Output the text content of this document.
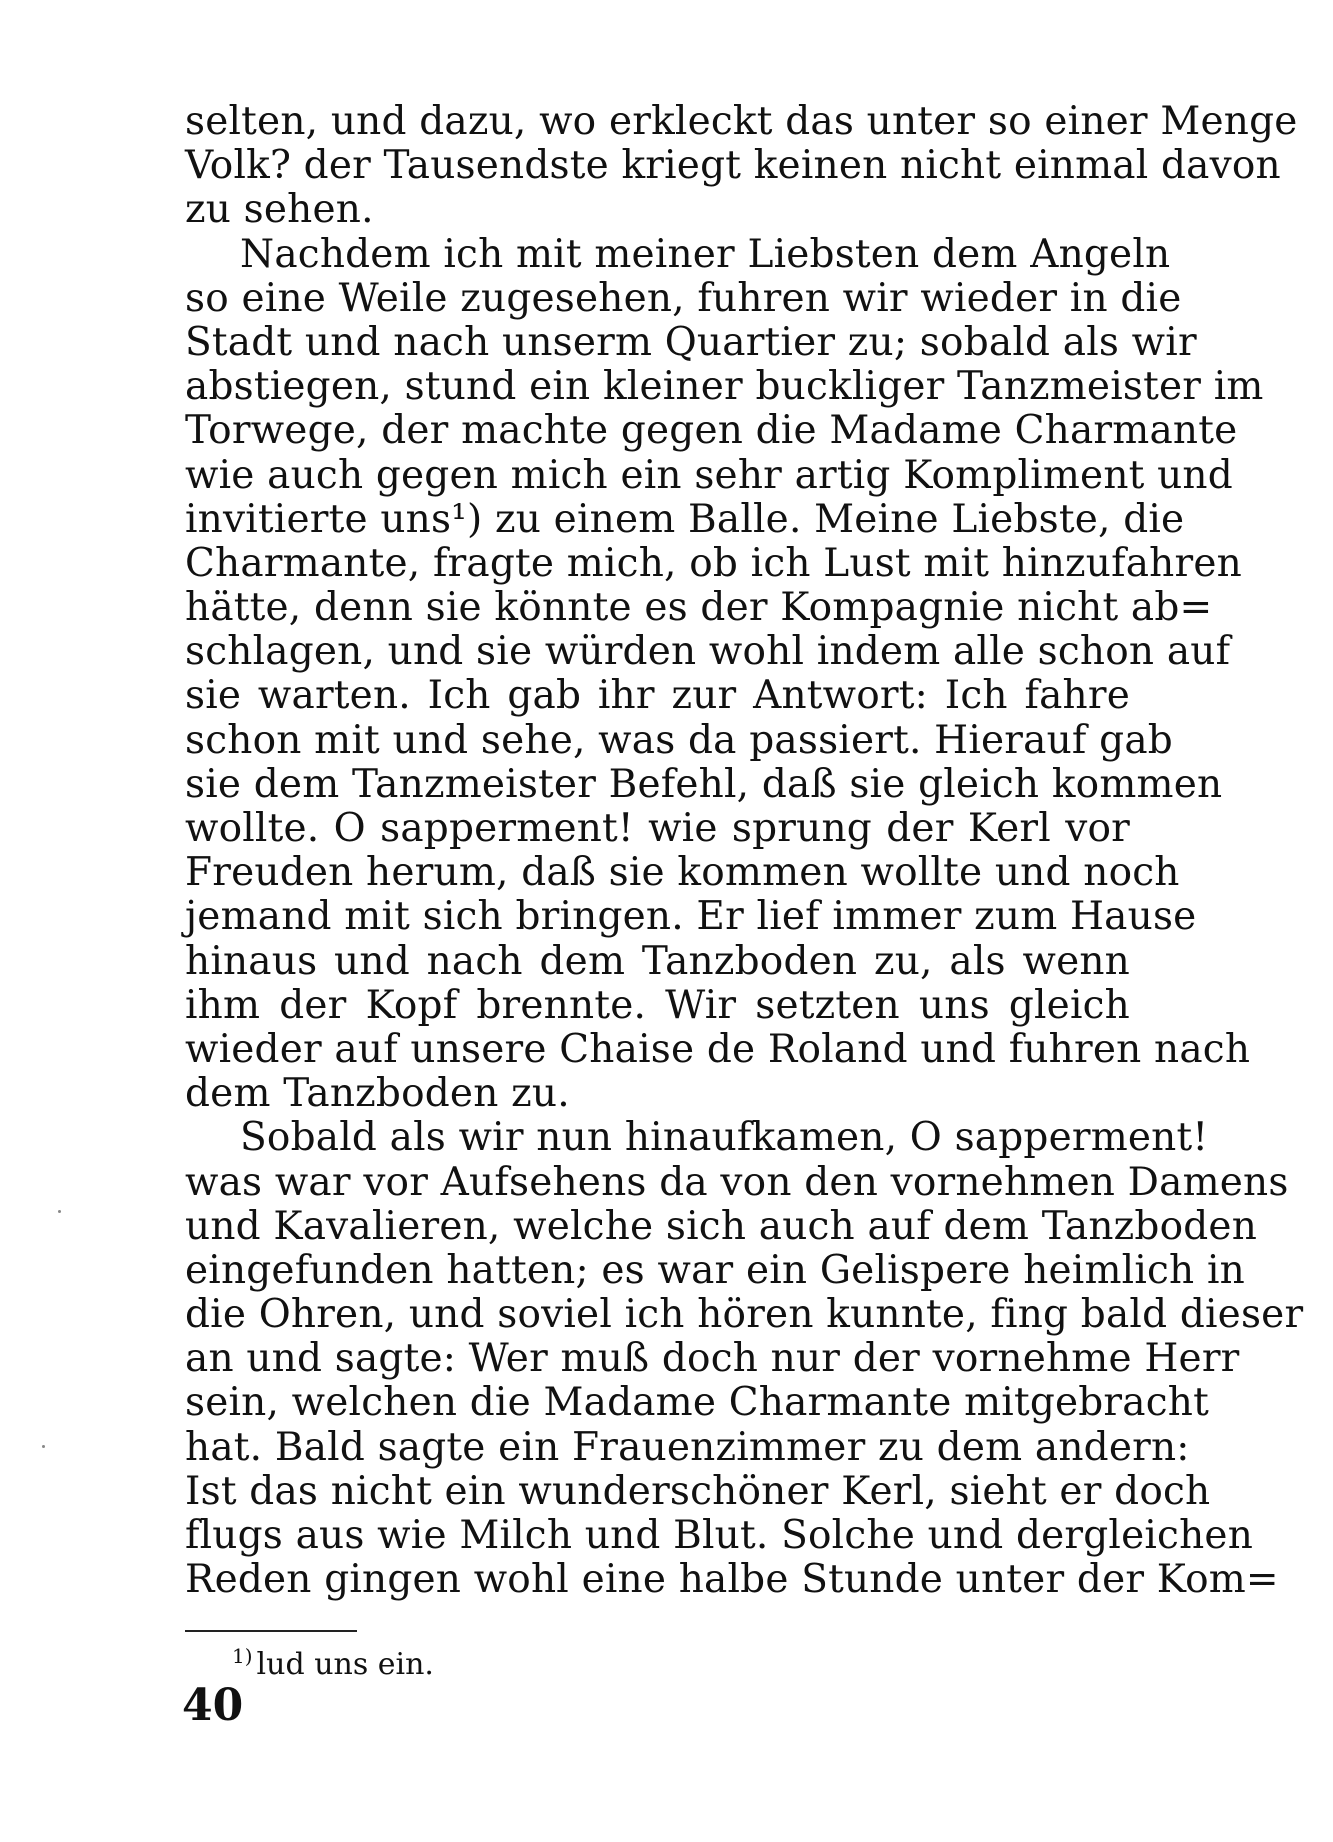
selten, und dazu, wo erkleckt das unter so einer Menge
Volk? der Tausendste kriegt keinen nicht einmal davon
zu sehen.
Nachdem ich mit meiner Liebsten dem Angeln
so eine Weile zugesehen, fuhren wir wieder in die
Stadt und nach unserm Quartier zu; sobald als wir
abstiegen, stund ein kleiner buckliger Tanzmeister im
Torwege, der machte gegen die Madame Charmante
wie auch gegen mich ein sehr artig Kompliment und
invitierte uns¹) zu einem Balle. Meine Liebste, die
Charmante, fragte mich, ob ich Lust mit hinzufahren
hätte, denn sie könnte es der Kompagnie nicht ab=
schlagen, und sie würden wohl indem alle schon auf
sie warten. Ich gab ihr zur Antwort: Ich fahre
schon mit und sehe, was da passiert. Hierauf gab
sie dem Tanzmeister Befehl, daß sie gleich kommen
wollte. O sapperment! wie sprung der Kerl vor
Freuden herum, daß sie kommen wollte und noch
jemand mit sich bringen. Er lief immer zum Hause
hinaus und nach dem Tanzboden zu, als wenn
ihm der Kopf brennte. Wir setzten uns gleich
wieder auf unsere Chaise de Roland und fuhren nach
dem Tanzboden zu.
Sobald als wir nun hinaufkamen, O sapperment!
was war vor Aufsehens da von den vornehmen Damens
und Kavalieren, welche sich auch auf dem Tanzboden
eingefunden hatten; es war ein Gelispere heimlich in
die Ohren, und soviel ich hören kunnte, fing bald dieser
an und sagte: Wer muß doch nur der vornehme Herr
sein, welchen die Madame Charmante mitgebracht
hat. Bald sagte ein Frauenzimmer zu dem andern:
Ist das nicht ein wunderschöner Kerl, sieht er doch
flugs aus wie Milch und Blut. Solche und dergleichen
Reden gingen wohl eine halbe Stunde unter der Kom=
$^{1)}$ lud uns ein.
40
